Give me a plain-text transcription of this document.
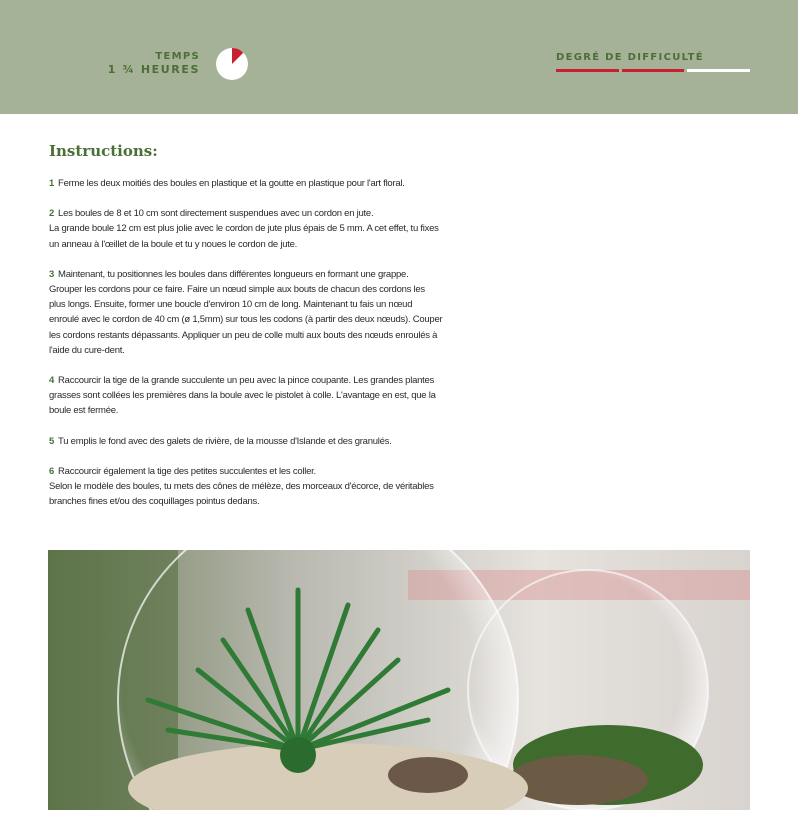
TEMPS
1 ¾ HEURES
DEGRÉ DE DIFFICULTÉ
Instructions:

1 Ferme les deux moitiés des boules en plastique et la goutte en plastique pour l'art floral.

2 Les boules de 8 et 10 cm sont directement suspendues avec un cordon en jute.
La grande boule 12 cm est plus jolie avec le cordon de jute plus épais de 5 mm. A cet effet, tu fixes
un anneau à l'œillet de la boule et tu y noues le cordon de jute.

3 Maintenant, tu positionnes les boules dans différentes longueurs en formant une grappe.
Grouper les cordons pour ce faire. Faire un nœud simple aux bouts de chacun des cordons les
plus longs. Ensuite, former une boucle d'environ 10 cm de long. Maintenant tu fais un nœud
enroulé avec le cordon de 40 cm (ø 1,5mm) sur tous les codons (à partir des deux nœuds). Couper
les cordons restants dépassants. Appliquer un peu de colle multi aux bouts des nœuds enroulés à
l'aide du cure-dent.

4 Raccourcir la tige de la grande succulente un peu avec la pince coupante. Les grandes plantes
grasses sont collées les premières dans la boule avec le pistolet à colle. L'avantage en est, que la
boule est fermée.

5 Tu emplis le fond avec des galets de rivière, de la mousse d'Islande et des granulés.

6 Raccourcir également la tige des petites succulentes et les coller.
Selon le modèle des boules, tu mets des cônes de mélèze, des morceaux d'écorce, de véritables
branches fines et/ou des coquillages pointus dedans.
